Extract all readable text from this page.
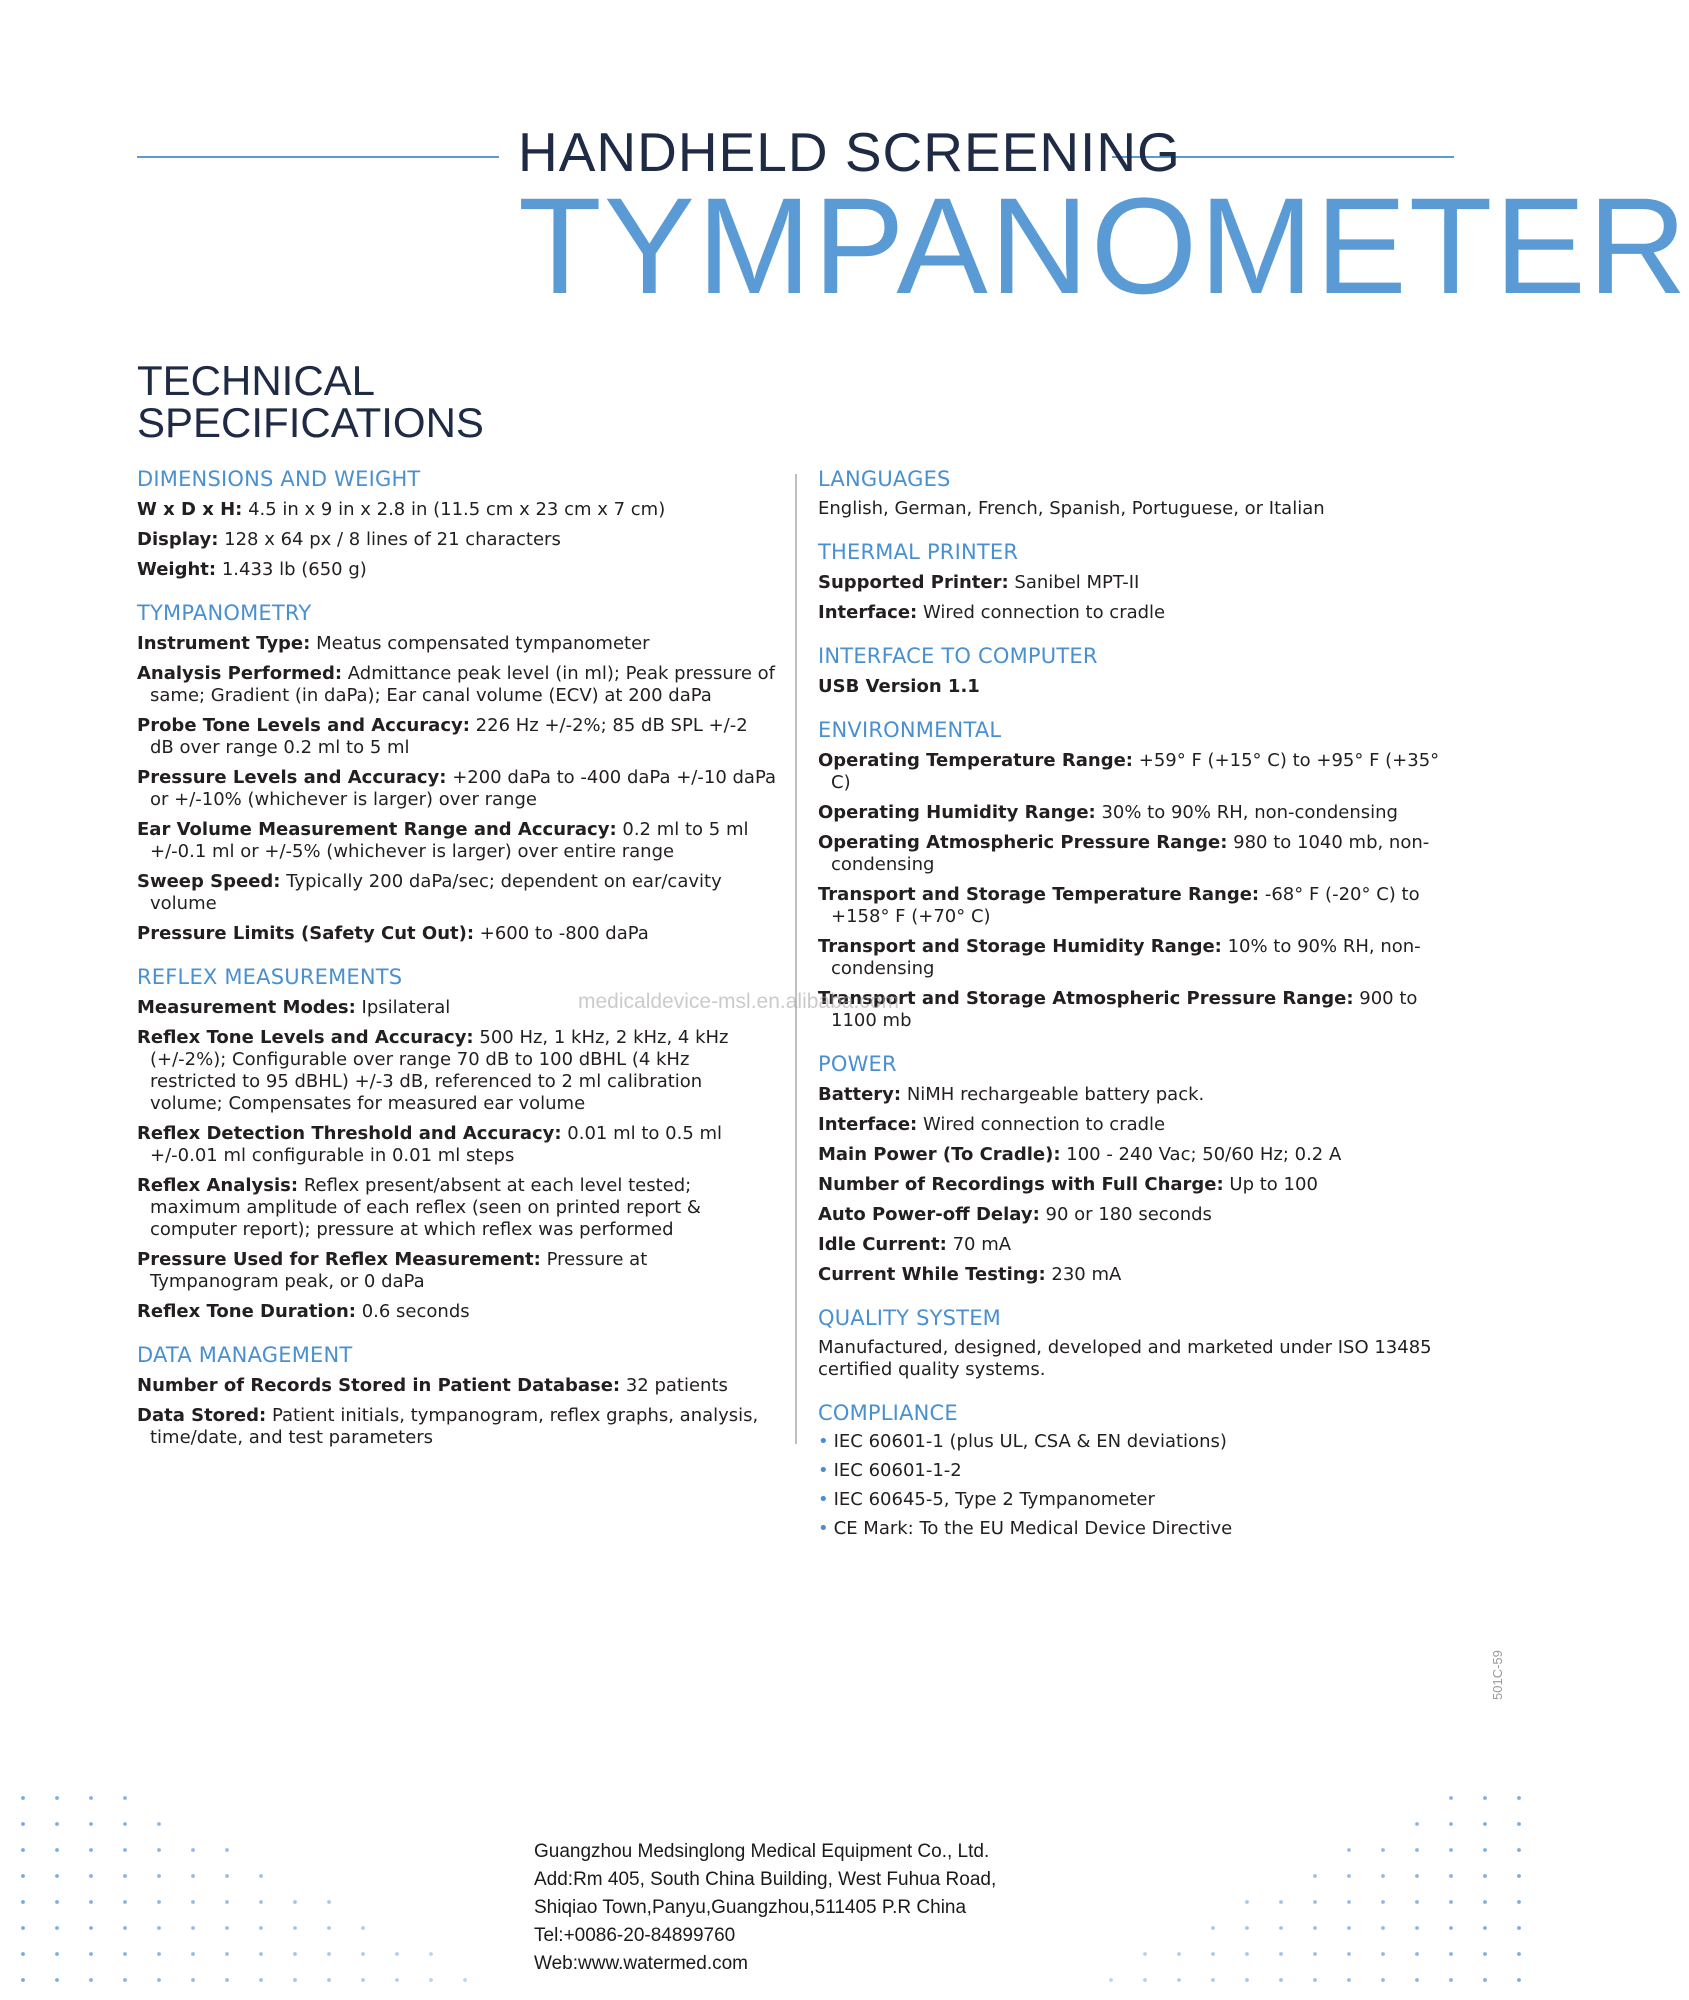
HANDHELD SCREENING
TYMPANOMETER
TECHNICAL
SPECIFICATIONS
DIMENSIONS AND WEIGHT

W x D x H: 4.5 in x 9 in x 2.8 in (11.5 cm x 23 cm x 7 cm)

Display: 128 x 64 px / 8 lines of 21 characters

Weight: 1.433 lb (650 g)

TYMPANOMETRY

Instrument Type: Meatus compensated tympanometer

Analysis Performed: Admittance peak level (in ml); Peak pressure of same; Gradient (in daPa); Ear canal volume (ECV) at 200 daPa

Probe Tone Levels and Accuracy: 226 Hz +/-2%; 85 dB SPL +/-2 dB over range 0.2 ml to 5 ml

Pressure Levels and Accuracy: +200 daPa to -400 daPa +/-10 daPa or +/-10% (whichever is larger) over range

Ear Volume Measurement Range and Accuracy: 0.2 ml to 5 ml +/-0.1 ml or +/-5% (whichever is larger) over entire range

Sweep Speed: Typically 200 daPa/sec; dependent on ear/cavity volume

Pressure Limits (Safety Cut Out): +600 to -800 daPa

REFLEX MEASUREMENTS

Measurement Modes: Ipsilateral

Reflex Tone Levels and Accuracy: 500 Hz, 1 kHz, 2 kHz, 4 kHz (+/-2%); Configurable over range 70 dB to 100 dBHL (4 kHz restricted to 95 dBHL) +/-3 dB, referenced to 2 ml calibration volume; Compensates for measured ear volume

Reflex Detection Threshold and Accuracy: 0.01 ml to 0.5 ml +/-0.01 ml configurable in 0.01 ml steps

Reflex Analysis: Reflex present/absent at each level tested; maximum amplitude of each reflex (seen on printed report & computer report); pressure at which reflex was performed

Pressure Used for Reflex Measurement: Pressure at Tympanogram peak, or 0 daPa

Reflex Tone Duration: 0.6 seconds

DATA MANAGEMENT

Number of Records Stored in Patient Database: 32 patients

Data Stored: Patient initials, tympanogram, reflex graphs, analysis, time/date, and test parameters

LANGUAGES

English, German, French, Spanish, Portuguese, or Italian

THERMAL PRINTER

Supported Printer: Sanibel MPT-II

Interface: Wired connection to cradle

INTERFACE TO COMPUTER

USB Version 1.1

ENVIRONMENTAL

Operating Temperature Range: +59° F (+15° C) to +95° F (+35° C)

Operating Humidity Range: 30% to 90% RH, non-condensing

Operating Atmospheric Pressure Range: 980 to 1040 mb, non-condensing

Transport and Storage Temperature Range: -68° F (-20° C) to +158° F (+70° C)

Transport and Storage Humidity Range: 10% to 90% RH, non-condensing

Transport and Storage Atmospheric Pressure Range: 900 to 1100 mb

POWER

Battery: NiMH rechargeable battery pack.

Interface: Wired connection to cradle

Main Power (To Cradle): 100 - 240 Vac; 50/60 Hz; 0.2 A

Number of Recordings with Full Charge: Up to 100

Auto Power-off Delay: 90 or 180 seconds

Idle Current: 70 mA

Current While Testing: 230 mA

QUALITY SYSTEM

Manufactured, designed, developed and marketed under ISO 13485 certified quality systems.

COMPLIANCE
• IEC 60601-1 (plus UL, CSA & EN deviations)
• IEC 60601-1-2
• IEC 60645-5, Type 2 Tympanometer
• CE Mark: To the EU Medical Device Directive
medicaldevice-msl.en.alibaba.com
501C-59

Guangzhou Medsinglong Medical Equipment Co., Ltd.

Add:Rm 405, South China Building, West Fuhua Road,

Shiqiao Town,Panyu,Guangzhou,511405 P.R China

Tel:+0086-20-84899760

Web:www.watermed.com
